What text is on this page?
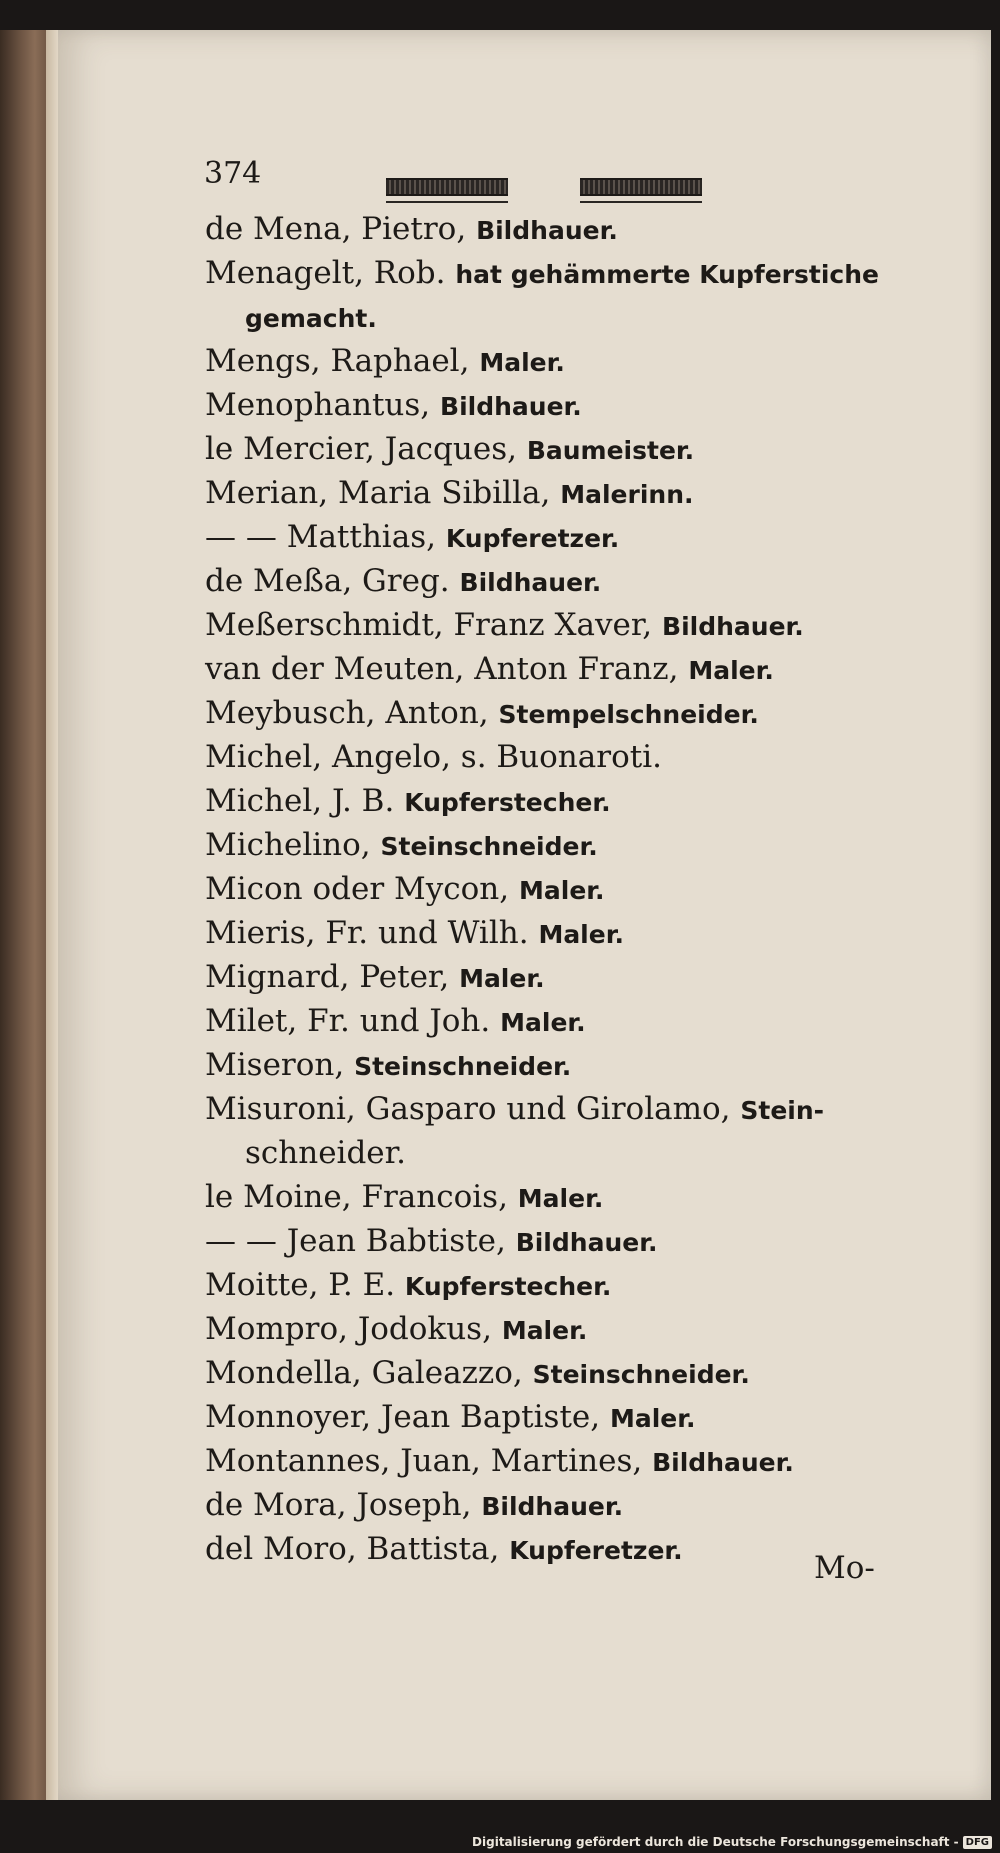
374
de Mena, Pietro, Bildhauer.
Menagelt, Rob. hat gehämmerte Kupferstiche
gemacht.
Mengs, Raphael, Maler.
Menophantus, Bildhauer.
le Mercier, Jacques, Baumeister.
Merian, Maria Sibilla, Malerinn.
— — Matthias, Kupferetzer.
de Meßa, Greg. Bildhauer.
Meßerschmidt, Franz Xaver, Bildhauer.
van der Meuten, Anton Franz, Maler.
Meybusch, Anton, Stempelschneider.
Michel, Angelo, s. Buonaroti.
Michel, J. B. Kupferstecher.
Michelino, Steinschneider.
Micon oder Mycon, Maler.
Mieris, Fr. und Wilh. Maler.
Mignard, Peter, Maler.
Milet, Fr. und Joh. Maler.
Miseron, Steinschneider.
Misuroni, Gasparo und Girolamo, Stein-
schneider.
le Moine, Francois, Maler.
— — Jean Babtiste, Bildhauer.
Moitte, P. E. Kupferstecher.
Mompro, Jodokus, Maler.
Mondella, Galeazzo, Steinschneider.
Monnoyer, Jean Baptiste, Maler.
Montannes, Juan, Martines, Bildhauer.
de Mora, Joseph, Bildhauer.
del Moro, Battista, Kupferetzer.	Mo-
Digitalisierung gefördert durch die Deutsche Forschungsgemeinschaft - DFG
